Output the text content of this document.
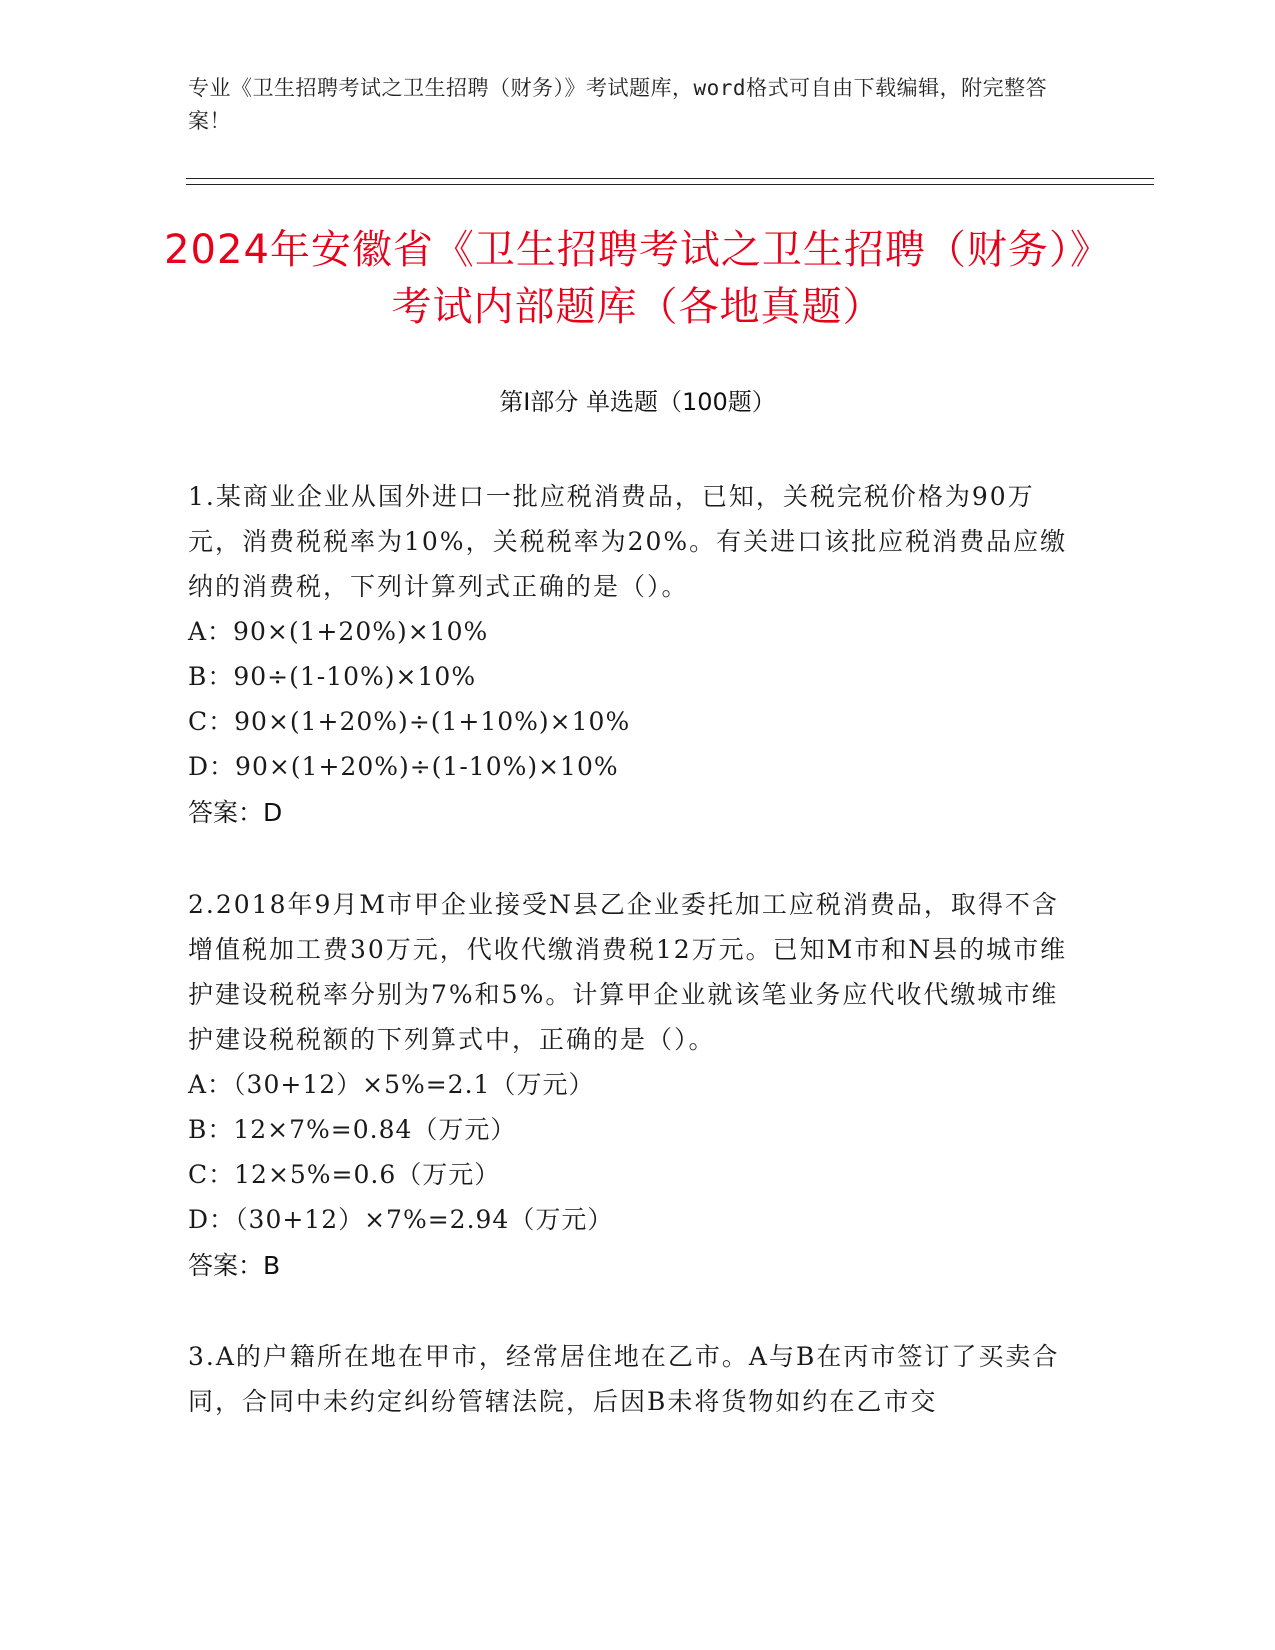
专业《卫生招聘考试之卫生招聘（财务）》考试题库，word格式可自由下载编辑，附完整答案！
2024年安徽省《卫生招聘考试之卫生招聘（财务）》考试内部题库（各地真题）
第Ⅰ部分 单选题（100题）

1.某商业企业从国外进口一批应税消费品，已知，关税完税价格为90万元，消费税税率为10%，关税税率为20%。有关进口该批应税消费品应缴纳的消费税，下列计算列式正确的是（）。

A：90×(1+20%)×10%

B：90÷(1-10%)×10%

C：90×(1+20%)÷(1+10%)×10%

D：90×(1+20%)÷(1-10%)×10%

答案：D

2.2018年9月M市甲企业接受N县乙企业委托加工应税消费品，取得不含增值税加工费30万元，代收代缴消费税12万元。已知M市和N县的城市维护建设税税率分别为7%和5%。计算甲企业就该笔业务应代收代缴城市维护建设税税额的下列算式中，正确的是（）。

A：（30+12）×5%=2.1（万元）

B：12×7%=0.84（万元）

C：12×5%=0.6（万元）

D：（30+12）×7%=2.94（万元）

答案：B

3.A的户籍所在地在甲市，经常居住地在乙市。A与B在丙市签订了买卖合同，合同中未约定纠纷管辖法院，后因B未将货物如约在乙市交
